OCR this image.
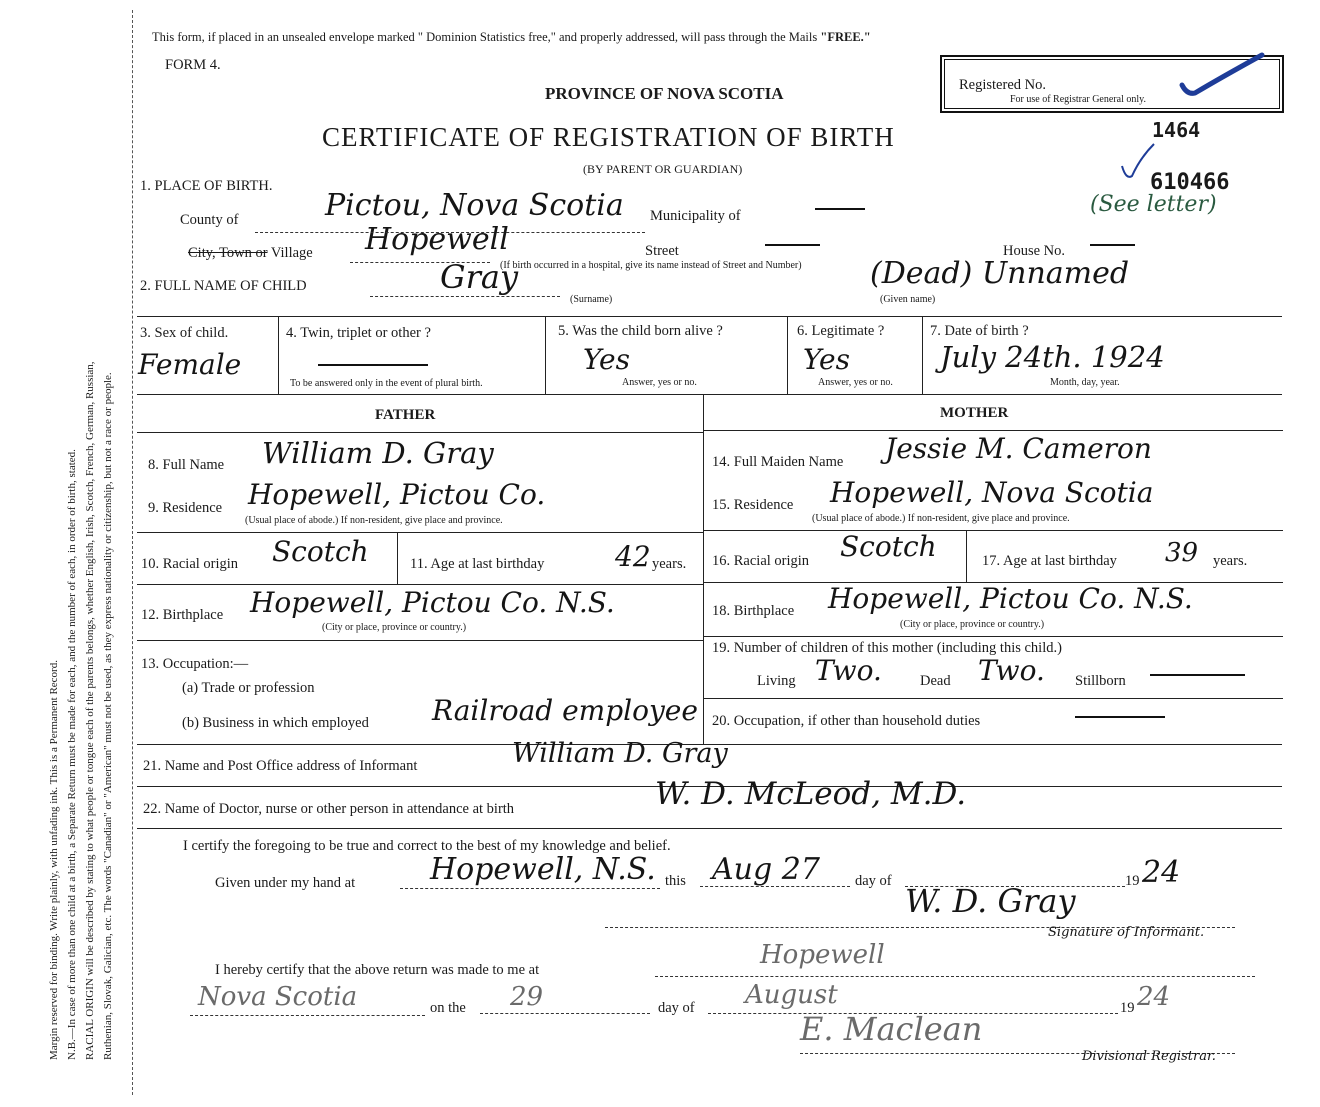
Margin reserved for binding. Write plainly, with unfading ink. This is a Permanent Record. N.B.—In case of more than one child at a birth, a Separate Return must be made for each, and the number of each, in order of birth, stated. RACIAL ORIGIN will be described by stating to what people or tongue each of the parents belongs, whether English, Irish, Scotch, French, German, Russian, Ruthenian, Slovak, Galician, etc. The words "Canadian" or "American" must not be used, as they express nationality or citizenship, but not a race or people.
This form, if placed in an unsealed envelope marked " Dominion Statistics free," and properly addressed, will pass through the Mails "FREE."
FORM 4.
PROVINCE OF NOVA SCOTIA
CERTIFICATE OF REGISTRATION OF BIRTH
(BY PARENT OR GUARDIAN)
Registered No.
For use of Registrar General only.
1464
610466
(See letter)
1. PLACE OF BIRTH.
County of	Pictou, Nova Scotia Municipality of
City, Town or Village Hopewell	Street	House No.
(If birth occurred in a hospital, give its name instead of Street and Number)
2. FULL NAME OF CHILD	Gray
(Surname)
(Dead) Unnamed
(Given name)
3. Sex of child.
Female
4. Twin, triplet or other ?
To be answered only in the event of plural birth.
5. Was the child born alive ?
Yes
Answer, yes or no.
6. Legitimate ?
Yes
Answer, yes or no.
7. Date of birth ?
July 24th. 1924
Month, day, year.
FATHER	MOTHER
8. Full Name William D. Gray
9. Residence Hopewell, Pictou Co.
(Usual place of abode.) If non-resident, give place and province.
10. Racial origin Scotch	11. Age at last birthday	42 years.
12. Birthplace Hopewell, Pictou Co. N.S.
(City or place, province or country.)
13. Occupation:—
(a) Trade or profession
(b) Business in which employed Railroad employee
14. Full Maiden Name Jessie M. Cameron
15. Residence Hopewell, Nova Scotia
(Usual place of abode.) If non-resident, give place and province.
16. Racial origin Scotch	17. Age at last birthday 39 years.
18. Birthplace Hopewell, Pictou Co. N.S.
(City or place, province or country.)
19. Number of children of this mother (including this child.)
Living Two.	Dead Two. Stillborn
20. Occupation, if other than household duties
21. Name and Post Office address of Informant	William D. Gray
22. Name of Doctor, nurse or other person in attendance at birth	W. D. McLeod, M.D.
I certify the foregoing to be true and correct to the best of my knowledge and belief.
Given under my hand at Hopewell, N.S. this Aug 27 day of	19 24
W. D. Gray
Signature of Informant.
I hereby certify that the above return was made to me at	Hopewell
Nova Scotia	on the 29	day of August	19 24
E. Maclean
Divisional Registrar.
